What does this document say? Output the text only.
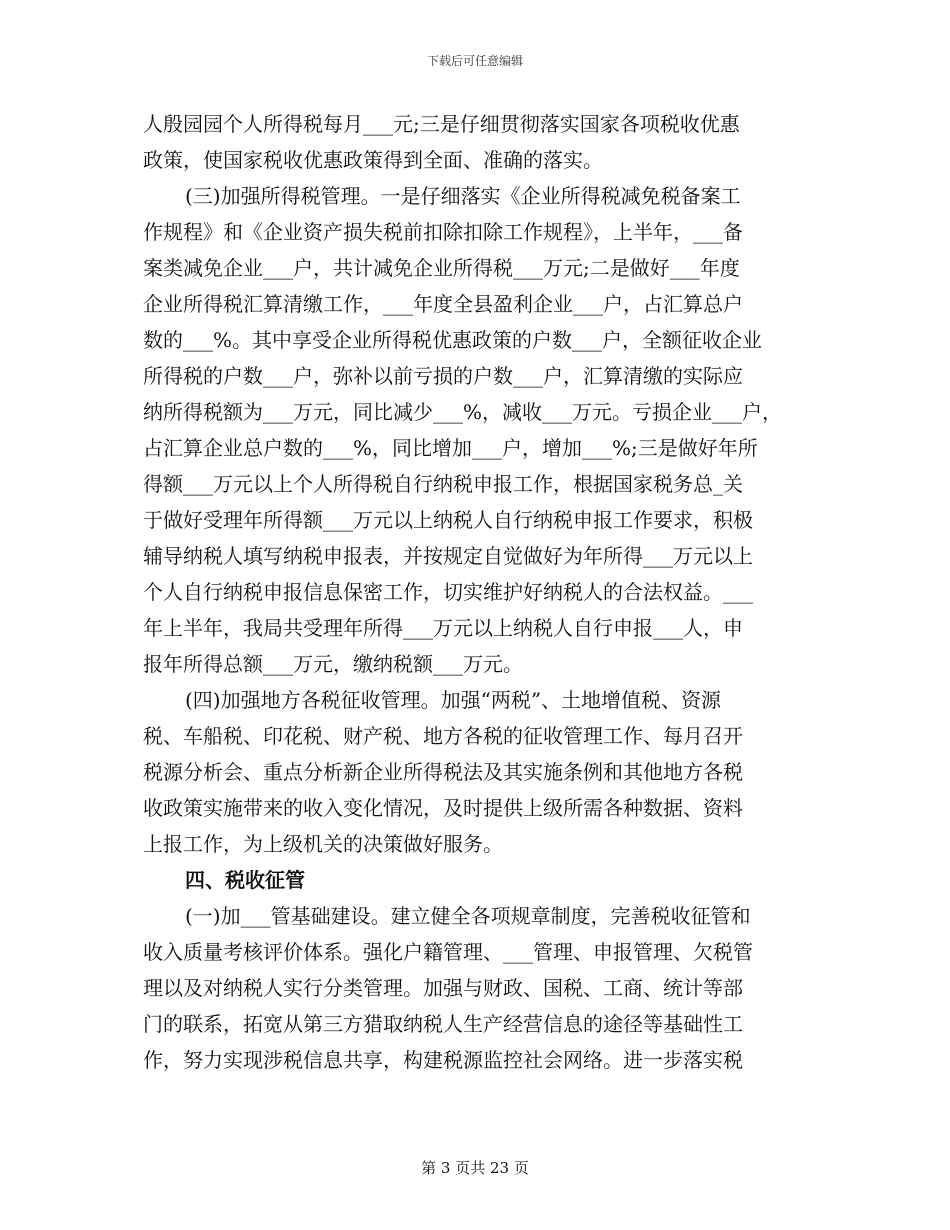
下载后可任意编辑
人殷园园个人所得税每月___元;三是仔细贯彻落实国家各项税收优惠
政策，使国家税收优惠政策得到全面、准确的落实。
(三)加强所得税管理。一是仔细落实《企业所得税减免税备案工
作规程》和《企业资产损失税前扣除扣除工作规程》，上半年，___备
案类减免企业___户，共计减免企业所得税___万元;二是做好___年度
企业所得税汇算清缴工作，___年度全县盈利企业___户，占汇算总户
数的___%。其中享受企业所得税优惠政策的户数___户，全额征收企业
所得税的户数___户，弥补以前亏损的户数___户，汇算清缴的实际应
纳所得税额为___万元，同比减少___%，减收___万元。亏损企业___户，
占汇算企业总户数的___%，同比增加___户，增加___%;三是做好年所
得额___万元以上个人所得税自行纳税申报工作，根据国家税务总_关
于做好受理年所得额___万元以上纳税人自行纳税申报工作要求，积极
辅导纳税人填写纳税申报表，并按规定自觉做好为年所得___万元以上
个人自行纳税申报信息保密工作，切实维护好纳税人的合法权益。___
年上半年，我局共受理年所得___万元以上纳税人自行申报___人，申
报年所得总额___万元，缴纳税额___万元。
(四)加强地方各税征收管理。加强“两税”、土地增值税、资源
税、车船税、印花税、财产税、地方各税的征收管理工作、每月召开
税源分析会、重点分析新企业所得税法及其实施条例和其他地方各税
收政策实施带来的收入变化情况，及时提供上级所需各种数据、资料
上报工作，为上级机关的决策做好服务。
四、税收征管
(一)加___管基础建设。建立健全各项规章制度，完善税收征管和
收入质量考核评价体系。强化户籍管理、___管理、申报管理、欠税管
理以及对纳税人实行分类管理。加强与财政、国税、工商、统计等部
门的联系，拓宽从第三方猎取纳税人生产经营信息的途径等基础性工
作，努力实现涉税信息共享，构建税源监控社会网络。进一步落实税
第 3 页共 23 页
